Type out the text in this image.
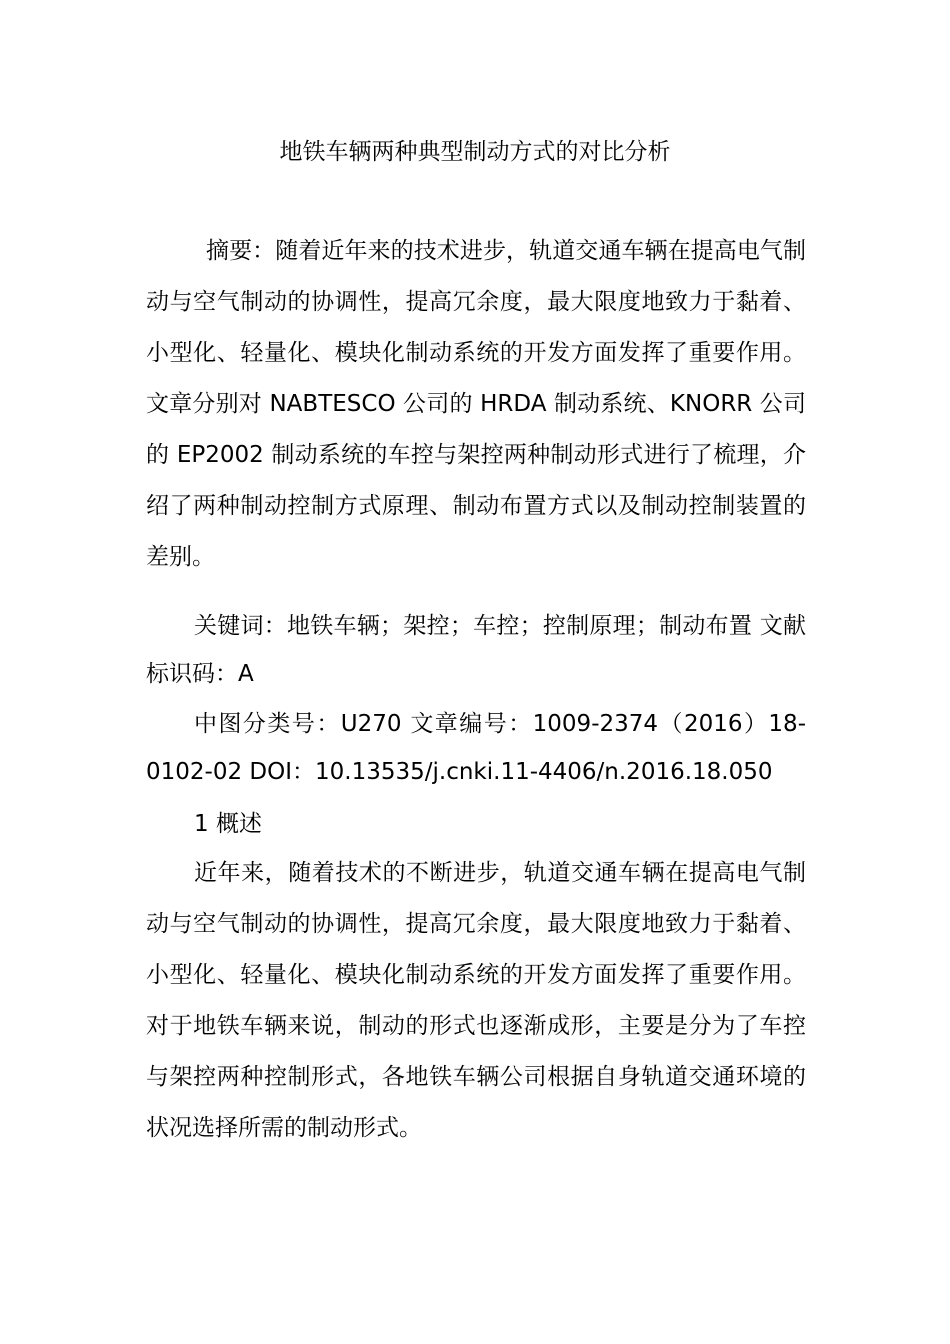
地铁车辆两种典型制动方式的对比分析

摘要：随着近年来的技术进步，轨道交通车辆在提高电气制动与空气制动的协调性，提高冗余度，最大限度地致力于黏着、小型化、轻量化、模块化制动系统的开发方面发挥了重要作用。文章分别对 NABTESCO 公司的 HRDA 制动系统、KNORR 公司的 EP2002 制动系统的车控与架控两种制动形式进行了梳理，介绍了两种制动控制方式原理、制动布置方式以及制动控制装置的差别。

关键词：地铁车辆；架控；车控；控制原理；制动布置 文献标识码：A

中图分类号：U270 文章编号：1009-2374（2016）18-0102-02 DOI：10.13535/j.cnki.11-4406/n.2016.18.050

1 概述

近年来，随着技术的不断进步，轨道交通车辆在提高电气制动与空气制动的协调性，提高冗余度，最大限度地致力于黏着、小型化、轻量化、模块化制动系统的开发方面发挥了重要作用。对于地铁车辆来说，制动的形式也逐渐成形，主要是分为了车控与架控两种控制形式，各地铁车辆公司根据自身轨道交通环境的状况选择所需的制动形式。
